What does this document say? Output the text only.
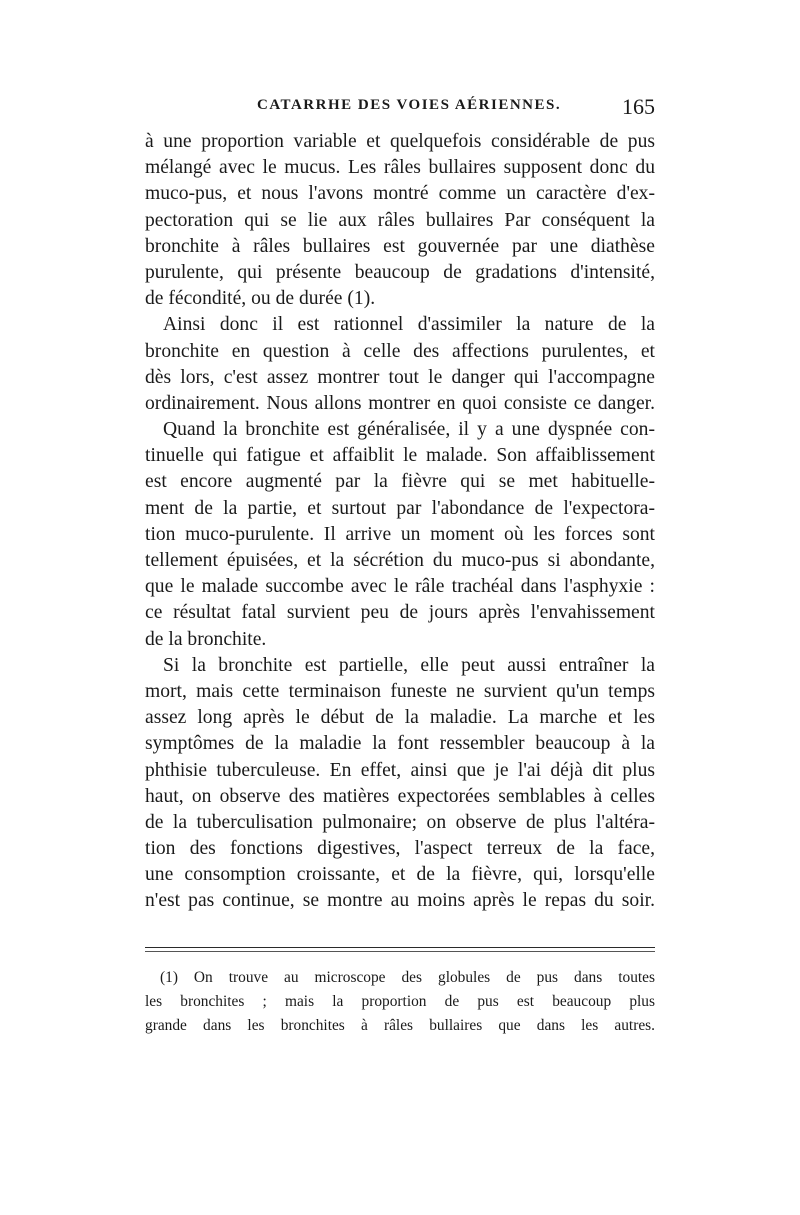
CATARRHE DES VOIES AÉRIENNES.	165
à une proportion variable et quelquefois considérable de pus
mélangé avec le mucus. Les râles bullaires supposent donc du
muco-pus, et nous l'avons montré comme un caractère d'ex-
pectoration qui se lie aux râles bullaires Par conséquent la
bronchite à râles bullaires est gouvernée par une diathèse
purulente, qui présente beaucoup de gradations d'intensité,
de fécondité, ou de durée (1).
Ainsi donc il est rationnel d'assimiler la nature de la
bronchite en question à celle des affections purulentes, et
dès lors, c'est assez montrer tout le danger qui l'accompagne
ordinairement. Nous allons montrer en quoi consiste ce danger.
Quand la bronchite est généralisée, il y a une dyspnée con-
tinuelle qui fatigue et affaiblit le malade. Son affaiblissement
est encore augmenté par la fièvre qui se met habituelle-
ment de la partie, et surtout par l'abondance de l'expectora-
tion muco-purulente. Il arrive un moment où les forces sont
tellement épuisées, et la sécrétion du muco-pus si abondante,
que le malade succombe avec le râle trachéal dans l'asphyxie :
ce résultat fatal survient peu de jours après l'envahissement
de la bronchite.
Si la bronchite est partielle, elle peut aussi entraîner la
mort, mais cette terminaison funeste ne survient qu'un temps
assez long après le début de la maladie. La marche et les
symptômes de la maladie la font ressembler beaucoup à la
phthisie tuberculeuse. En effet, ainsi que je l'ai déjà dit plus
haut, on observe des matières expectorées semblables à celles
de la tuberculisation pulmonaire; on observe de plus l'altéra-
tion des fonctions digestives, l'aspect terreux de la face,
une consomption croissante, et de la fièvre, qui, lorsqu'elle
n'est pas continue, se montre au moins après le repas du soir.
(1) On trouve au microscope des globules de pus dans toutes
les bronchites ; mais la proportion de pus est beaucoup plus
grande dans les bronchites à râles bullaires que dans les autres.
